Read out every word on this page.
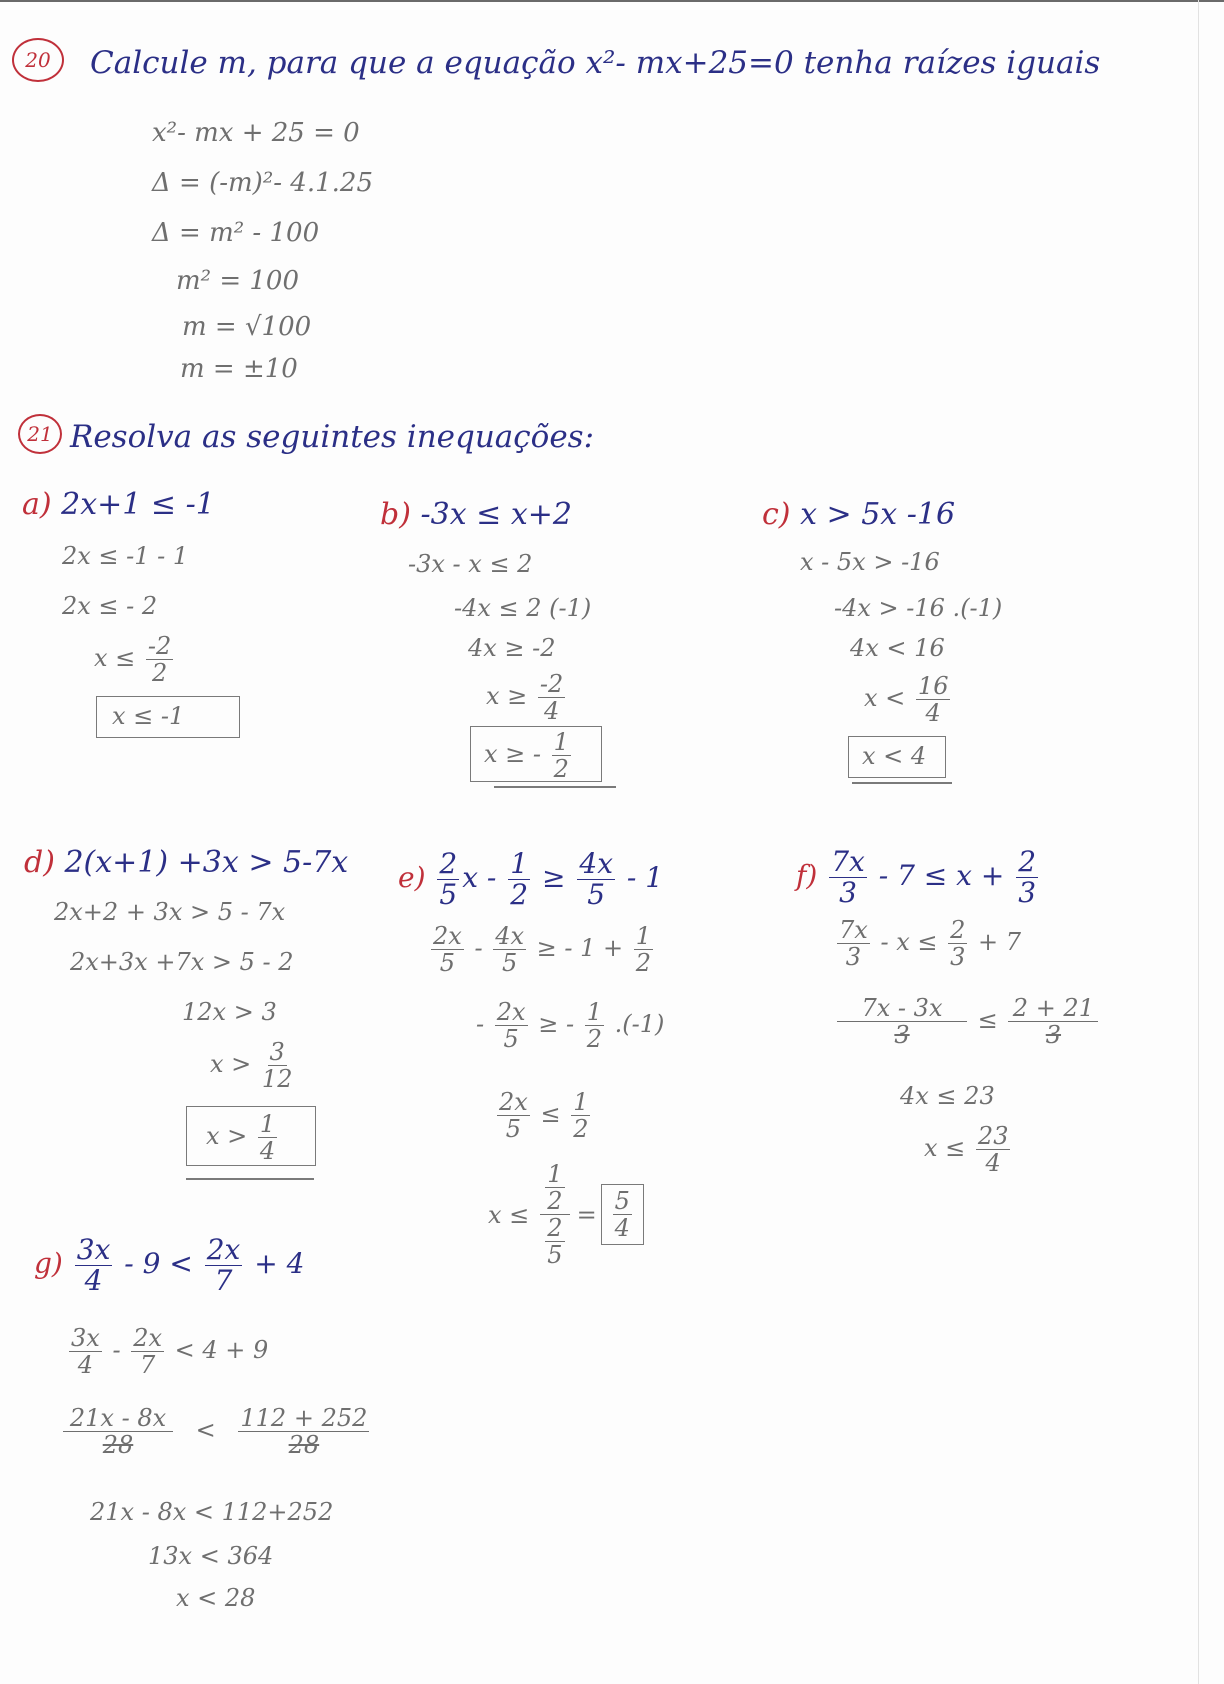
20 Calcule m, para que a equação x²- mx+25=0 tenha raízes iguais
x²- mx + 25 = 0
Δ = (-m)²- 4.1.25
Δ = m² - 100
m² = 100
m = √100
m = ±10
21 Resolva as seguintes inequações:
a) 2x+1 ≤ -1
2x ≤ -1 - 1
2x ≤ - 2
$x \le \frac{-2}{2}$
x ≤ -1
b) -3x ≤ x+2
-3x - x ≤ 2
-4x ≤ 2 (-1)
4x ≥ -2
$x \ge \frac{-2}{4}$
x ≥ - $\frac{1}{2}$
c) x > 5x -16
x - 5x > -16
-4x > -16 .(-1)
4x < 16
$x < \frac{16}{4}$
x < 4
d) 2(x+1) +3x > 5-7x
2x+2 + 3x > 5 - 7x
2x+3x +7x > 5 - 2
12x > 3
$x > \frac{3}{12}$
$x > \frac{1}{4}$
$e) \frac{2}{5}$ $x - \frac{1}{2} \ge \frac{4x}{5} - 1$
$\frac{2x}{5} - \frac{4x}{5}$ ≥ - $1 + \frac{1}{2}$
- $\frac{2x}{5}$ ≥ - $\frac{1}{2} .(-1)$
$\frac{2x}{5} \le \frac{1}{2}$
$x \le \frac{\frac{1}{2}}{\frac{2}{5}} = \frac{5}{4}$
$f) \frac{7x}{3} - 7 \le x + \frac{2}{3}$
$\frac{7x}{3} - x \le \frac{2}{3} + 7$
$\frac{7x - 3x}{3} \le \frac{2 + 21}{3}$
4x ≤ 23
$x \le \frac{23}{4}$
$g) \frac{3x}{4} - 9 < \frac{2x}{7} + 4$
$\frac{3x}{4} - \frac{2x}{7} < 4 + 9$
$\frac{21x - 8x}{28} < \frac{112 + 252}{28}$
21x - 8x < 112+252
13x < 364
x < 28
